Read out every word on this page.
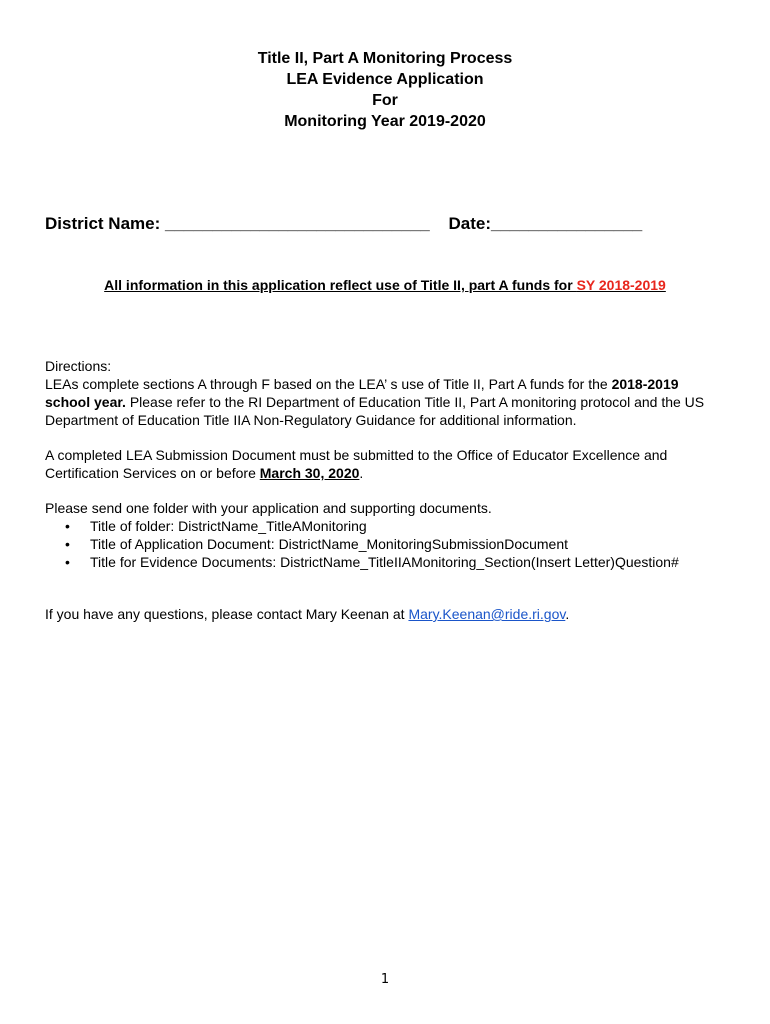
Title II, Part A Monitoring Process
LEA Evidence Application
For
Monitoring Year 2019-2020
District Name: ____________________________ Date:________________
All information in this application reflect use of Title II, part A funds for SY 2018-2019
Directions:
LEAs complete sections A through F based on the LEA’ s use of Title II, Part A funds for the 2018-2019 school year. Please refer to the RI Department of Education Title II, Part A monitoring protocol and the US Department of Education Title IIA Non-Regulatory Guidance for additional information.
A completed LEA Submission Document must be submitted to the Office of Educator Excellence and Certification Services on or before March 30, 2020.
Please send one folder with your application and supporting documents.
• Title of folder: DistrictName_TitleAMonitoring
• Title of Application Document: DistrictName_MonitoringSubmissionDocument
• Title for Evidence Documents: DistrictName_TitleIIAMonitoring_Section(Insert Letter)Question#
If you have any questions, please contact Mary Keenan at Mary.Keenan@ride.ri.gov.
1
